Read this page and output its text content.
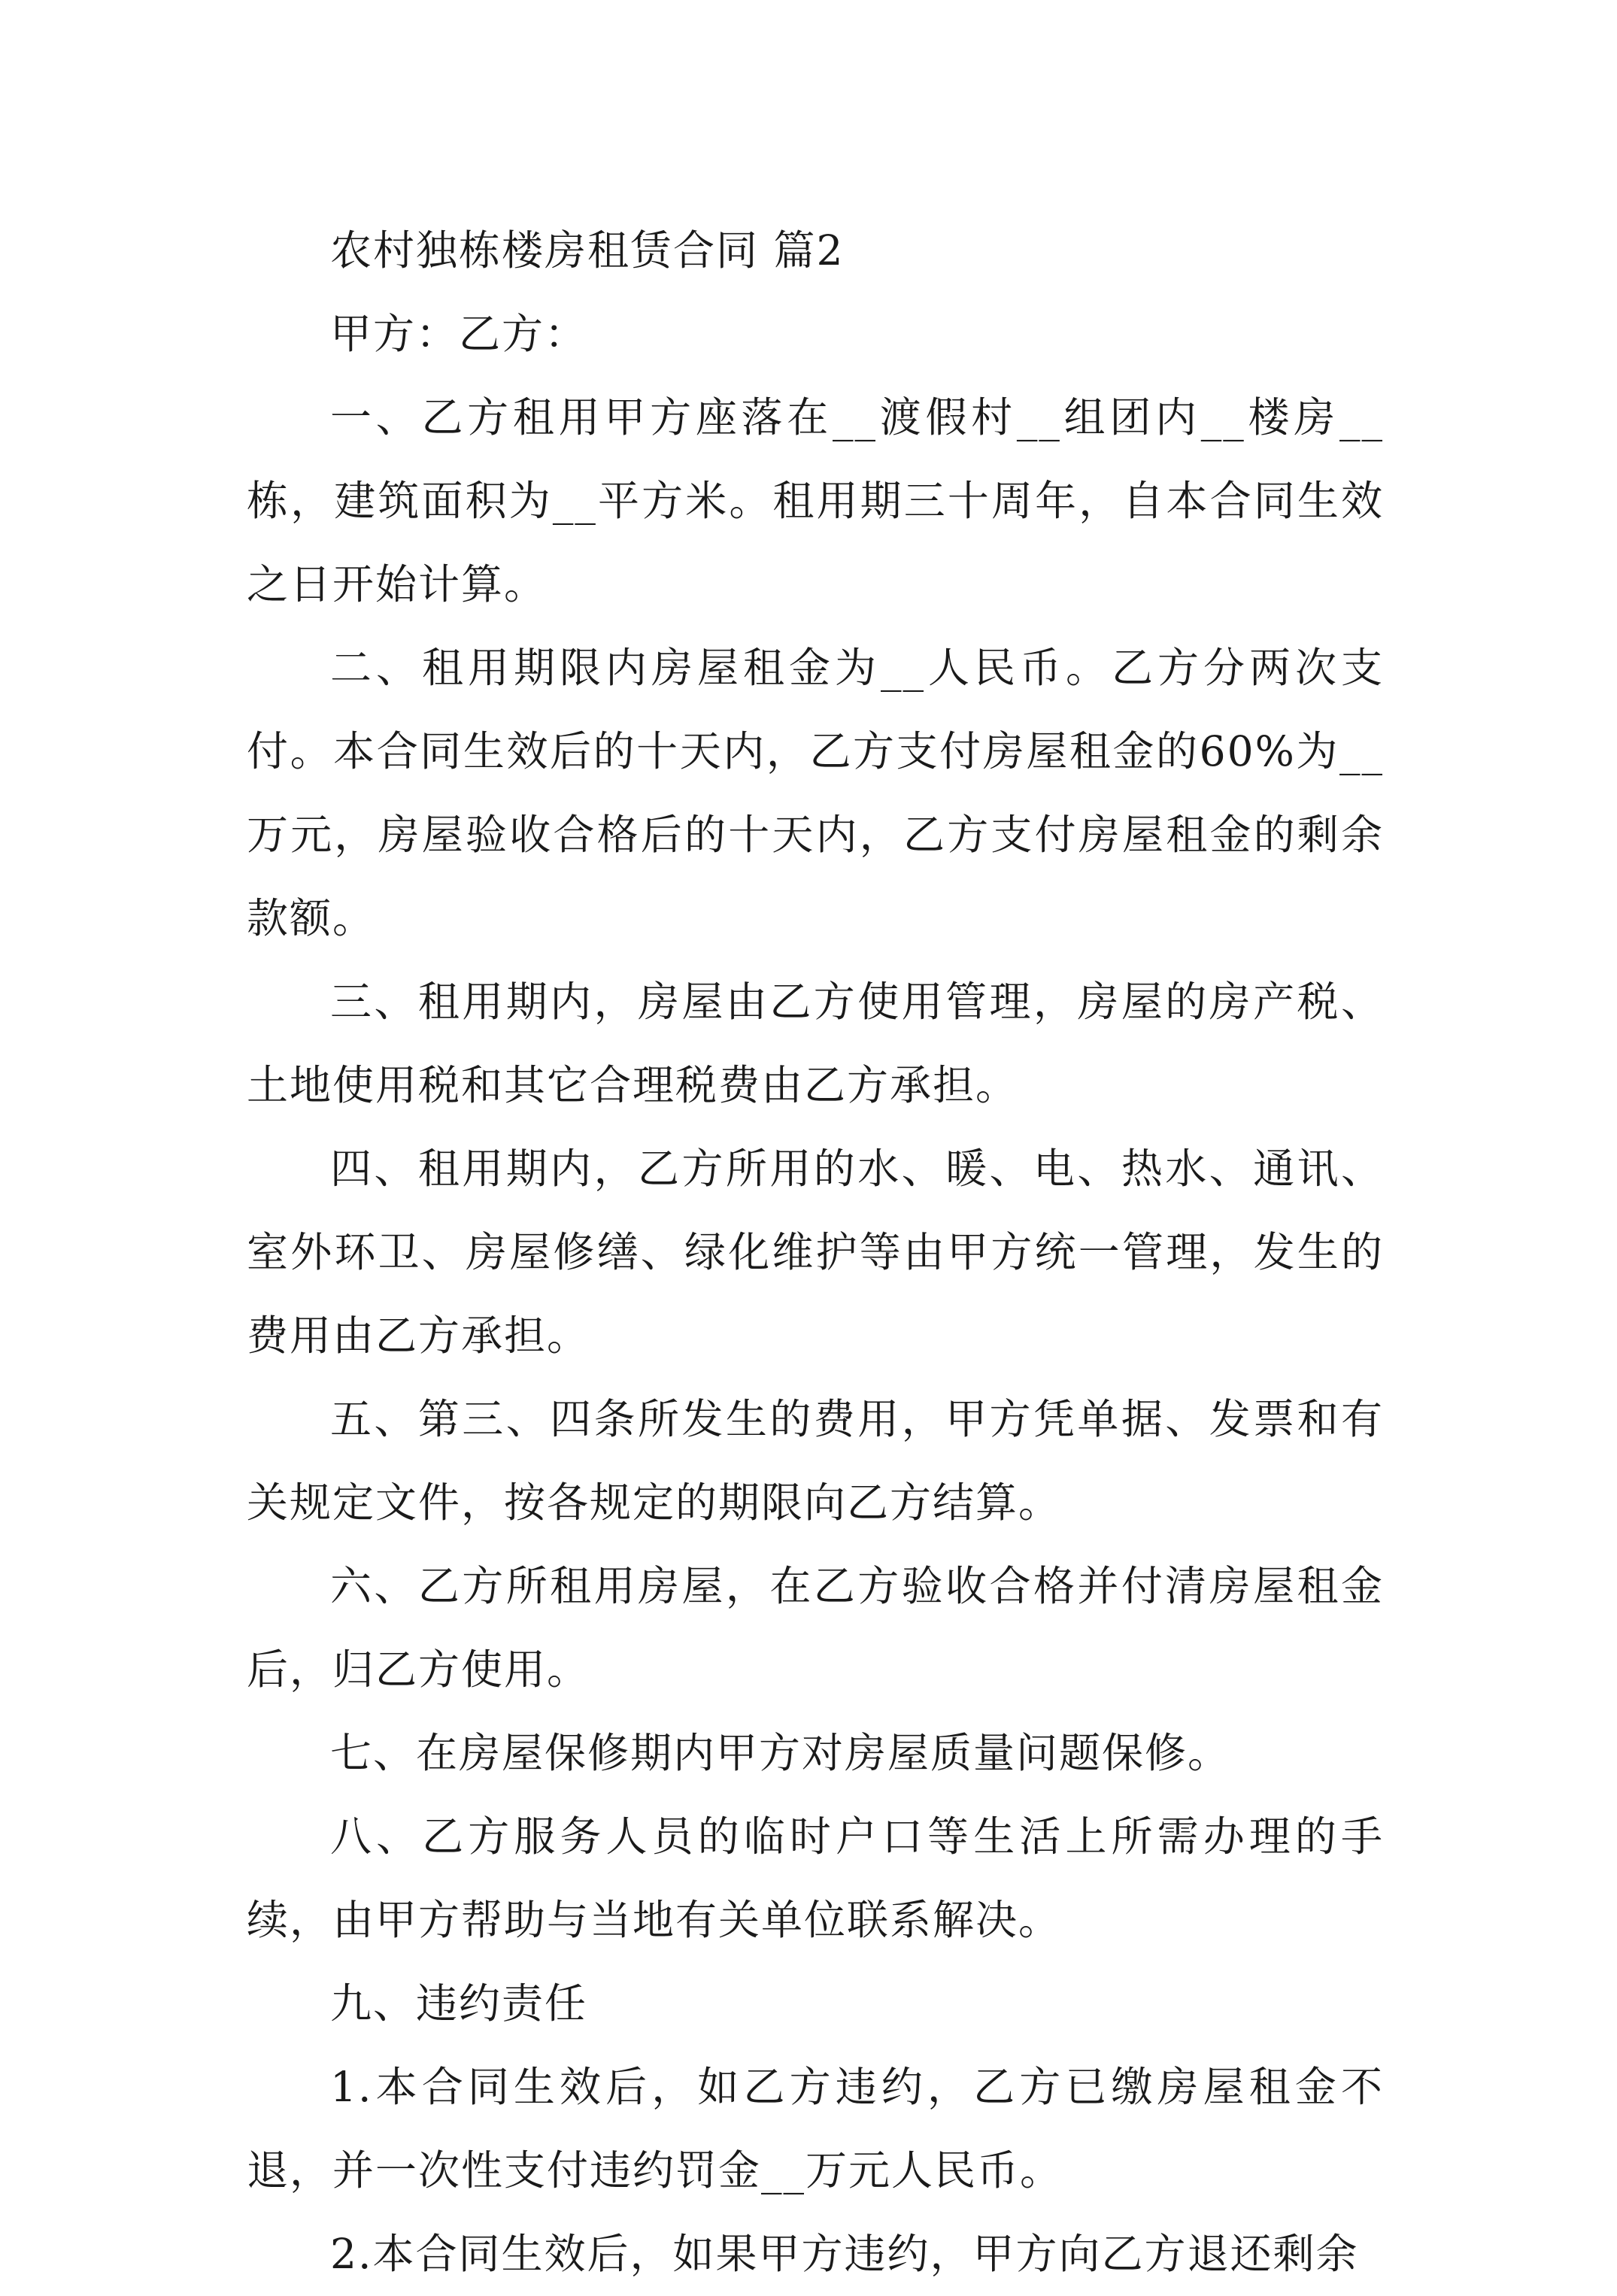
农村独栋楼房租赁合同 篇2

甲方：乙方：

一、乙方租用甲方座落在__渡假村__组团内__楼房__栋，建筑面积为__平方米。租用期三十周年，自本合同生效之日开始计算。

二、租用期限内房屋租金为__人民币。乙方分两次支付。本合同生效后的十天内，乙方支付房屋租金的60%为__万元，房屋验收合格后的十天内，乙方支付房屋租金的剩余款额。

三、租用期内，房屋由乙方使用管理，房屋的房产税、土地使用税和其它合理税费由乙方承担。

四、租用期内，乙方所用的水、暖、电、热水、通讯、室外环卫、房屋修缮、绿化维护等由甲方统一管理，发生的费用由乙方承担。

五、第三、四条所发生的费用，甲方凭单据、发票和有关规定文件，按各规定的期限向乙方结算。

六、乙方所租用房屋，在乙方验收合格并付清房屋租金后，归乙方使用。

七、在房屋保修期内甲方对房屋质量问题保修。

八、乙方服务人员的临时户口等生活上所需办理的手续，由甲方帮助与当地有关单位联系解决。

九、违约责任

1.本合同生效后，如乙方违约，乙方已缴房屋租金不退，并一次性支付违约罚金__万元人民币。

2.本合同生效后，如果甲方违约，甲方向乙方退还剩余
